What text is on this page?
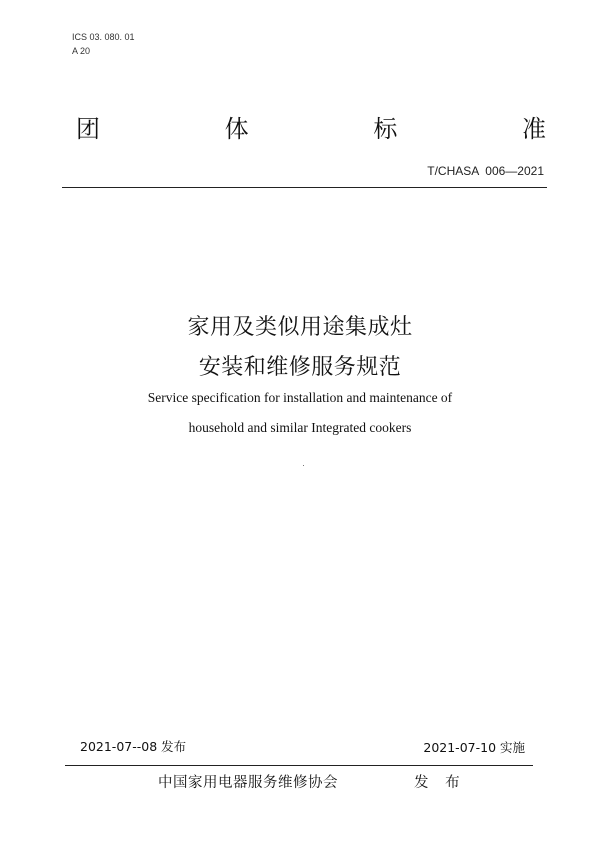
ICS 03. 080. 01
A 20
团	体	标	准
T/CHASA  006—2021
家用及类似用途集成灶
安装和维修服务规范
Service specification for installation and maintenance of
household and similar Integrated cookers
2021-07--08 发布	2021-07-10 实施
中国家用电器服务维修协会	发 布
